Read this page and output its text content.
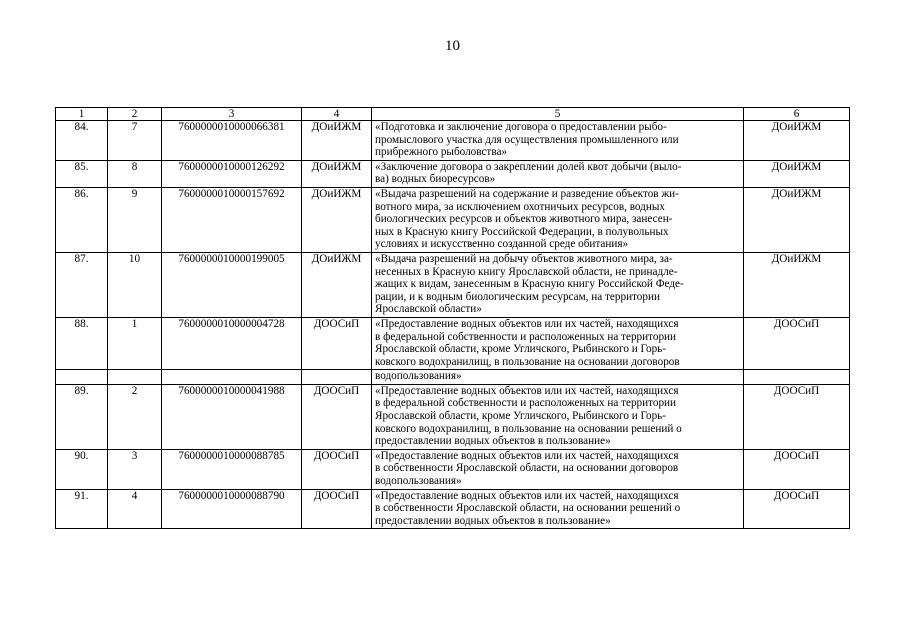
10
1	2	3	4	5	6
84.	7	760000001000006638​1	ДОиИЖМ	«Подготовка и заключение договора о предоставлении рыбо-
промыслового участка для осуществления промышленного или
прибрежного рыболовства»	ДОиИЖМ
85.	8	7600000010000126292	ДОиИЖМ	«Заключение договора о закреплении долей квот добычи (выло-
ва) водных биоресурсов»	ДОиИЖМ
86.	9	7600000010000157692	ДОиИЖМ	«Выдача разрешений на содержание и разведение объектов жи-
вотного мира, за исключением охотничьих ресурсов, водных
биологических ресурсов и объектов животного мира, занесен-
ных в Красную книгу Российской Федерации, в полувольных
условиях и искусственно созданной среде обитания»	ДОиИЖМ
87.	10	7600000010000199005	ДОиИЖМ	«Выдача разрешений на добычу объектов животного мира, за-
несенных в Красную книгу Ярославской области, не принадле-
жащих к видам, занесенным в Красную книгу Российской Феде-
рации, и к водным биологическим ресурсам, на территории
Ярославской области»	ДОиИЖМ
88.	1	7600000010000004728	ДООСиП	«Предоставление водных объектов или их частей, находящихся
в федеральной собственности и расположенных на территории
Ярославской области, кроме Угличского, Рыбинского и Горь-
ковского водохранилищ, в пользование на основании договоров	ДООСиП
				водопользования»	
89.	2	7600000010000041988	ДООСиП	«Предоставление водных объектов или их частей, находящихся
в федеральной собственности и расположенных на территории
Ярославской области, кроме Угличского, Рыбинского и Горь-
ковского водохранилищ, в пользование на основании решений о
предоставлении водных объектов в пользование»	ДООСиП
90.	3	7600000010000088785	ДООСиП	«Предоставление водных объектов или их частей, находящихся
в собственности Ярославской области, на основании договоров
водопользования»	ДООСиП
91.	4	7600000010000088790	ДООСиП	«Предоставление водных объектов или их частей, находящихся
в собственности Ярославской области, на основании решений о
предоставлении водных объектов в пользование»	ДООСиП
